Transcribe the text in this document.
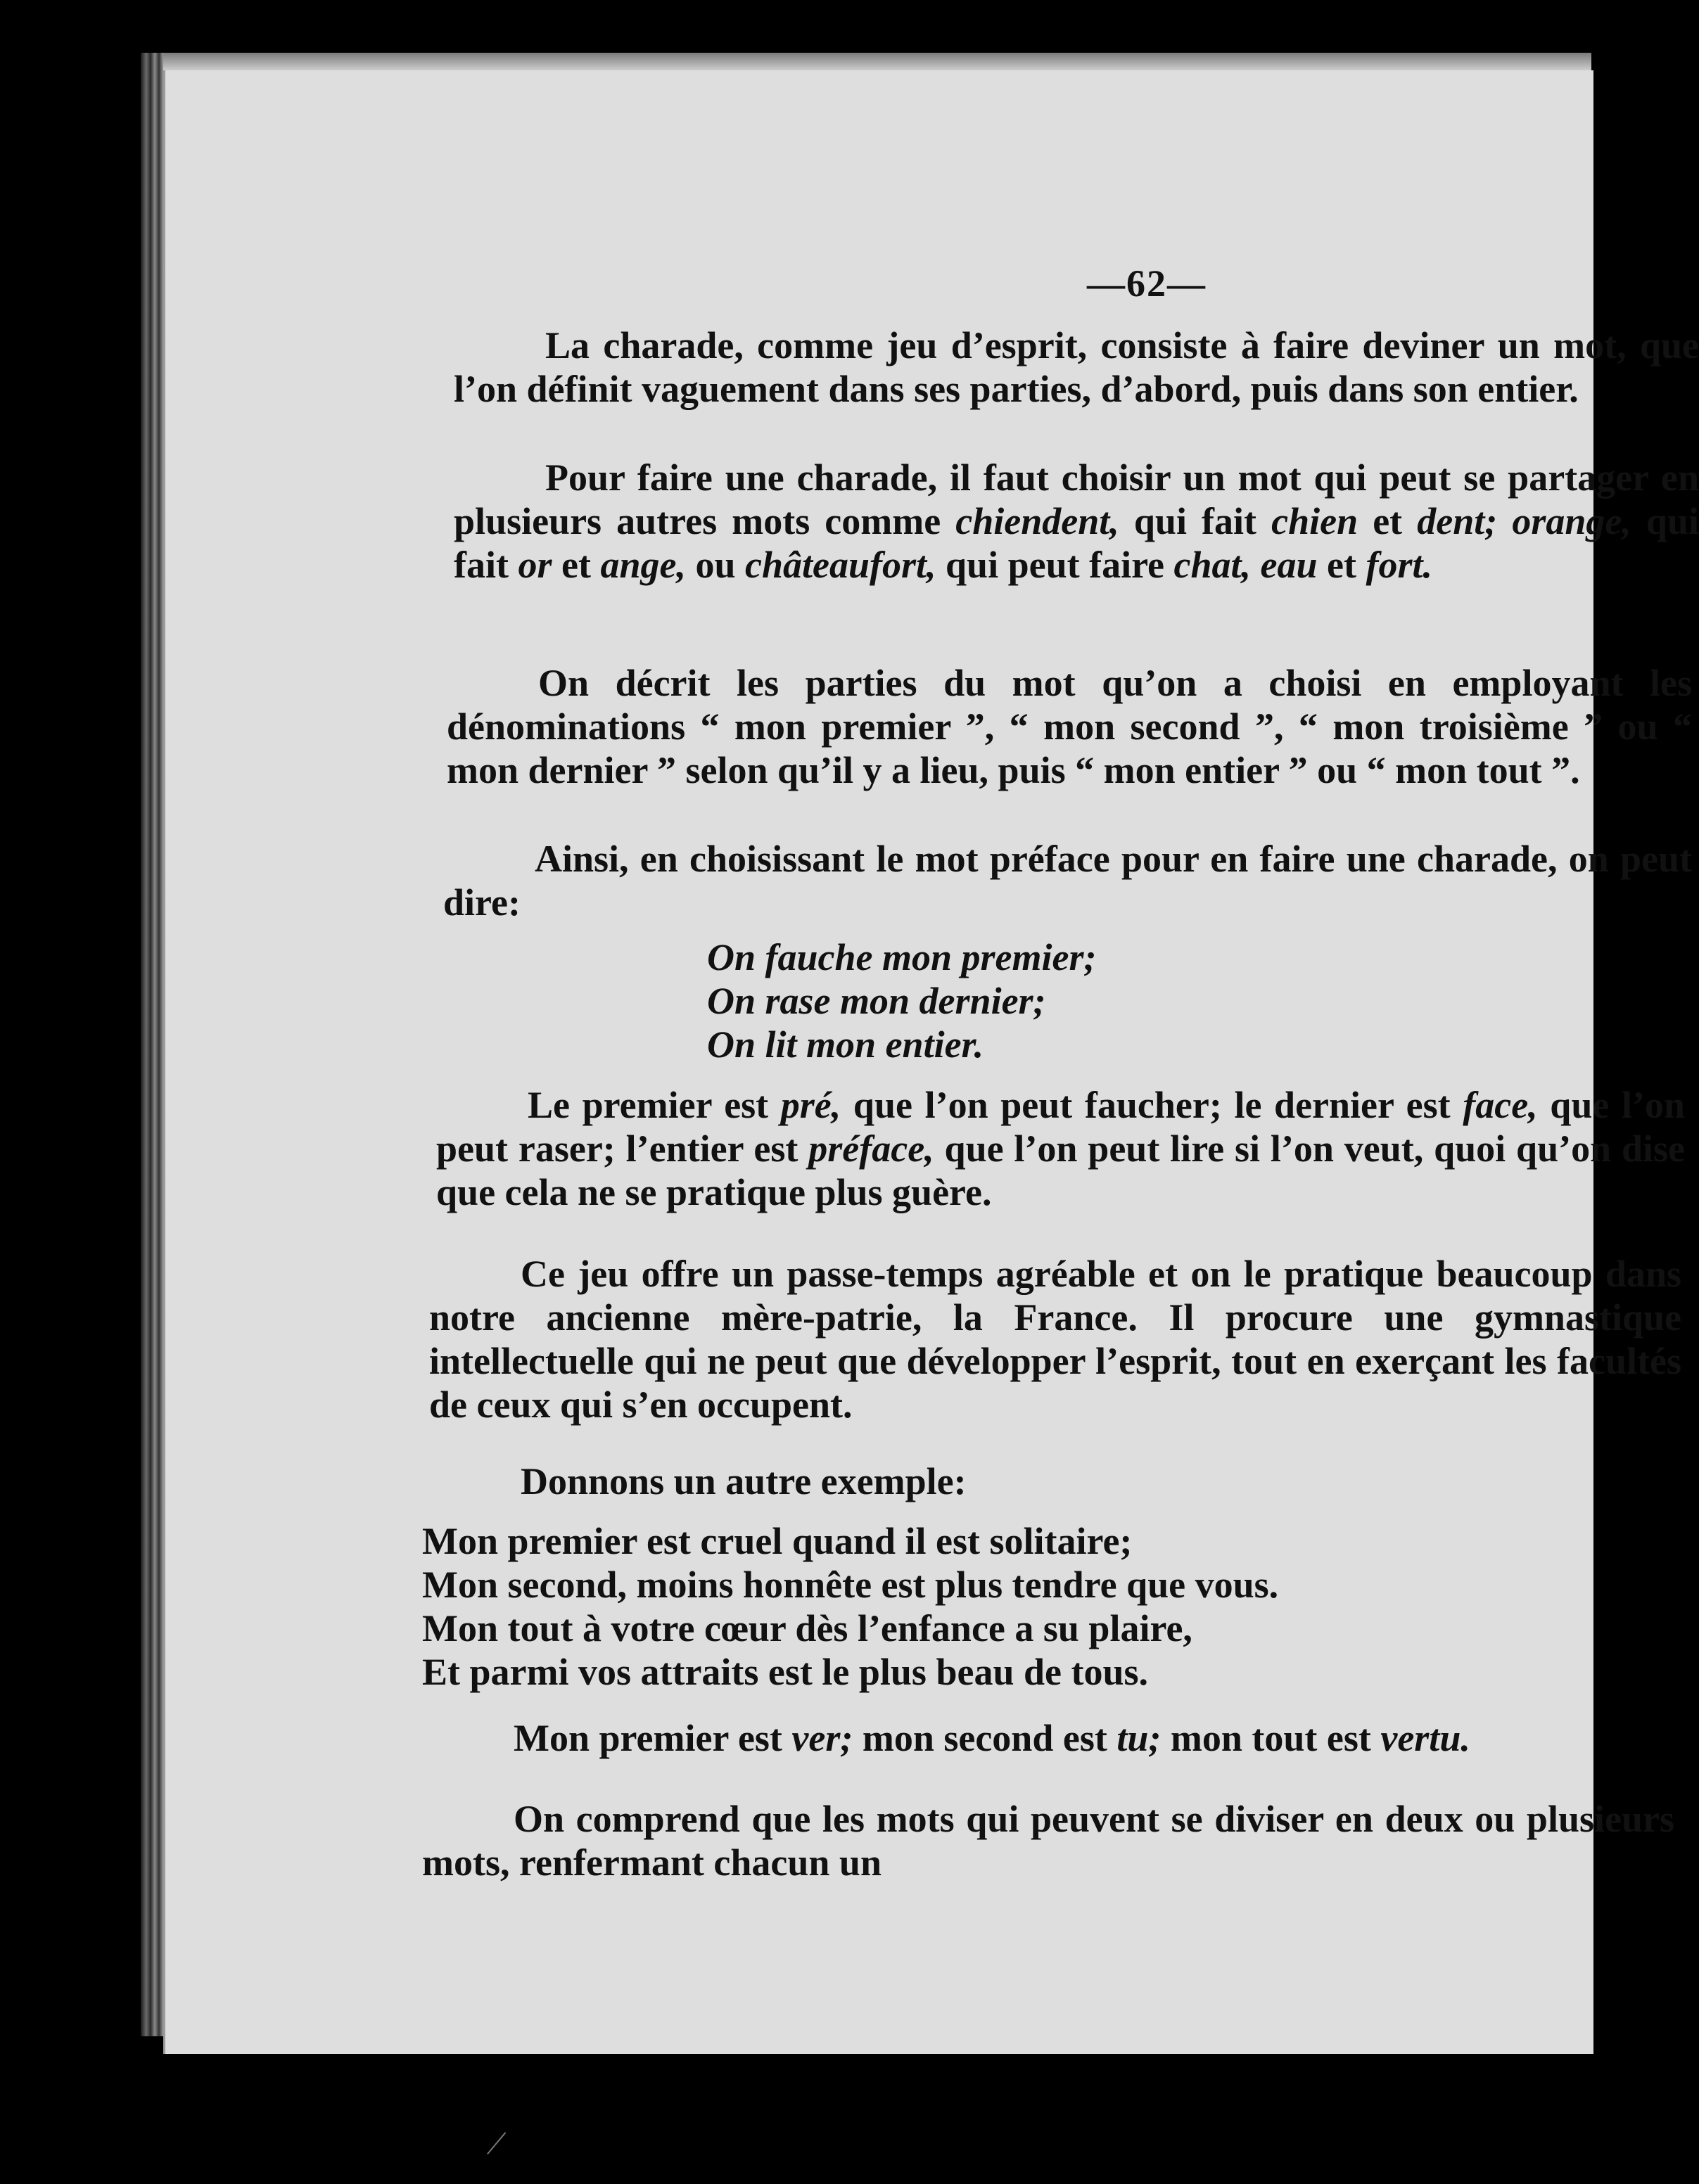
—62—

La charade, comme jeu d’esprit, consiste à faire deviner un mot, que l’on définit vaguement dans ses parties, d’abord, puis dans son entier.

Pour faire une charade, il faut choisir un mot qui peut se partager en plusieurs autres mots comme chiendent, qui fait chien et dent; orange, qui fait or et ange, ou châteaufort, qui peut faire chat, eau et fort.

On décrit les parties du mot qu’on a choisi en employant les dénominations “ mon premier ”, “ mon second ”, “ mon troisième ” ou “ mon dernier ” selon qu’il y a lieu, puis “ mon entier ” ou “ mon tout ”.

Ainsi, en choisissant le mot préface pour en faire une charade, on peut dire:

On fauche mon premier;
On rase mon dernier;
On lit mon entier.

Le premier est pré, que l’on peut faucher; le dernier est face, que l’on peut raser; l’entier est préface, que l’on peut lire si l’on veut, quoi qu’on dise que cela ne se pratique plus guère.

Ce jeu offre un passe-temps agréable et on le pratique beaucoup dans notre ancienne mère-patrie, la France. Il procure une gymnastique intellectuelle qui ne peut que développer l’esprit, tout en exerçant les facultés de ceux qui s’en occupent.

Donnons un autre exemple:

Mon premier est cruel quand il est solitaire;
Mon second, moins honnête est plus tendre que vous.
Mon tout à votre cœur dès l’enfance a su plaire,
Et parmi vos attraits est le plus beau de tous.

Mon premier est ver; mon second est tu; mon tout est vertu.

On comprend que les mots qui peuvent se diviser en deux ou plusieurs mots, renfermant chacun un
